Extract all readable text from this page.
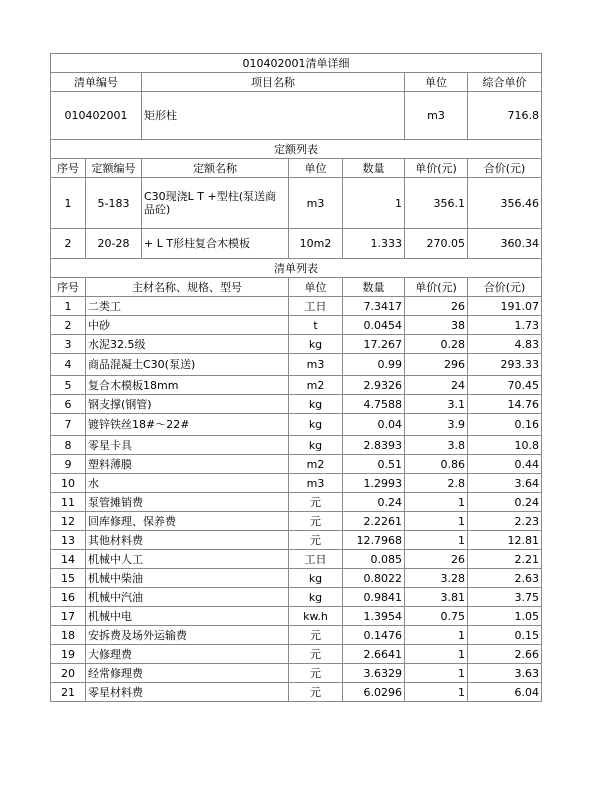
010402001清单详细						
清单编号		项目名称			单位	综合单价
010402001		矩形柱			m3	716.8
定额列表						
序号	定额编号	定额名称	单位	数量	单价(元)	合价(元)
1	5-183	C30现浇L T +型柱(泵送商品砼)	m3	1	356.1	356.46
2	20-28	+ L T形柱复合木模板	10m2	1.333	270.05	360.34
清单列表						
序号	主材名称、规格、型号		单位	数量	单价(元)	合价(元)
1	二类工		工日	7.3417	26	191.07
2	中砂		t	0.0454	38	1.73
3	水泥32.5级		kg	17.267	0.28	4.83
4	商品混凝土C30(泵送)		m3	0.99	296	293.33
5	复合木模板18mm		m2	2.9326	24	70.45
6	钢支撑(钢管)		kg	4.7588	3.1	14.76
7	镀锌铁丝18#～22#		kg	0.04	3.9	0.16
8	零星卡具		kg	2.8393	3.8	10.8
9	塑料薄膜		m2	0.51	0.86	0.44
10	水		m3	1.2993	2.8	3.64
11	泵管摊销费		元	0.24	1	0.24
12	回库修理、保养费		元	2.2261	1	2.23
13	其他材料费		元	12.7968	1	12.81
14	机械中人工		工日	0.085	26	2.21
15	机械中柴油		kg	0.8022	3.28	2.63
16	机械中汽油		kg	0.9841	3.81	3.75
17	机械中电		kw.h	1.3954	0.75	1.05
18	安拆费及场外运输费		元	0.1476	1	0.15
19	大修理费		元	2.6641	1	2.66
20	经常修理费		元	3.6329	1	3.63
21	零星材料费		元	6.0296	1	6.04
